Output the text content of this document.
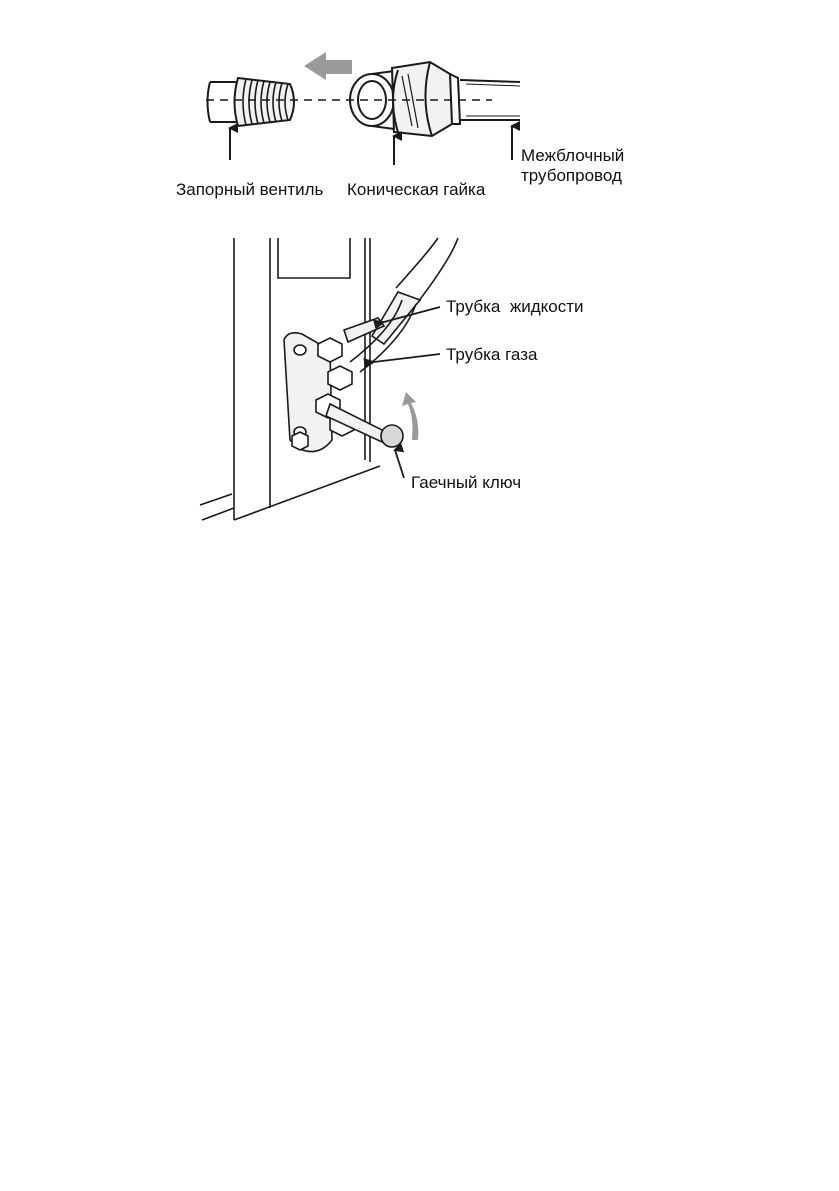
Запорный вентиль Коническая гайка
Межблочный
трубопровод
Трубка  жидкости
Трубка газа
Гаечный ключ
